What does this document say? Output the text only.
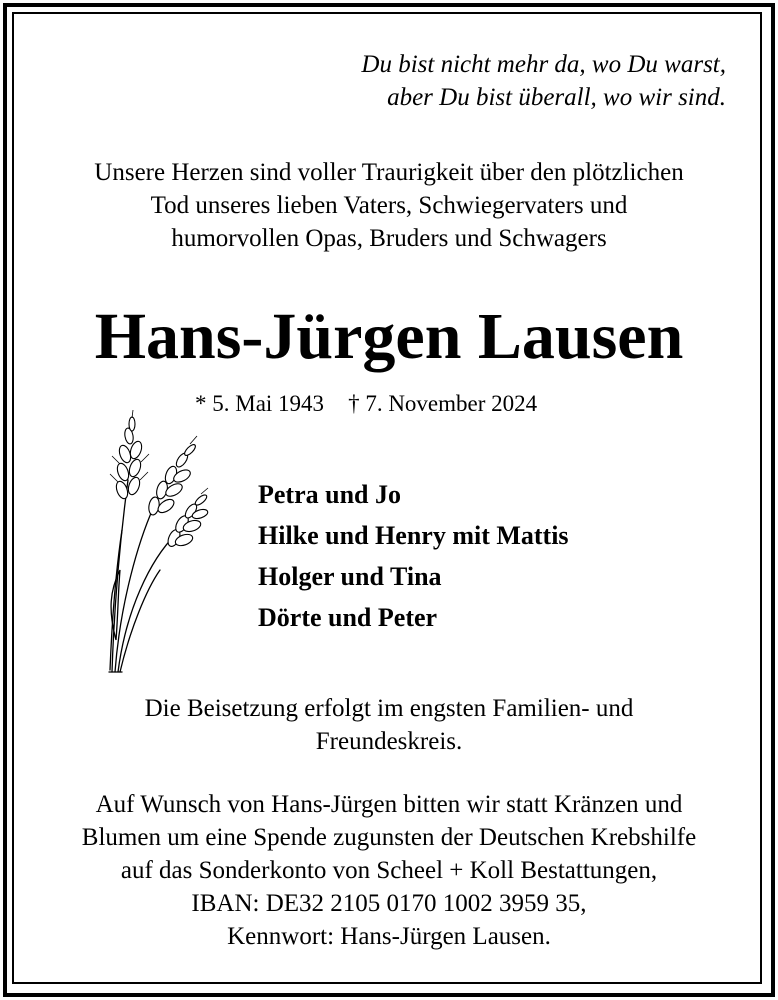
Du bist nicht mehr da, wo Du warst,
aber Du bist überall, wo wir sind.
Unsere Herzen sind voller Traurigkeit über den plötzlichen
Tod unseres lieben Vaters, Schwiegervaters und
humorvollen Opas, Bruders und Schwagers
Hans-Jürgen Lausen
* 5. Mai 1943 † 7. November 2024
Petra und Jo
Hilke und Henry mit Mattis
Holger und Tina
Dörte und Peter
Die Beisetzung erfolgt im engsten Familien- und
Freundeskreis.
Auf Wunsch von Hans-Jürgen bitten wir statt Kränzen und
Blumen um eine Spende zugunsten der Deutschen Krebshilfe
auf das Sonderkonto von Scheel + Koll Bestattungen,
IBAN: DE32 2105 0170 1002 3959 35,
Kennwort: Hans-Jürgen Lausen.
